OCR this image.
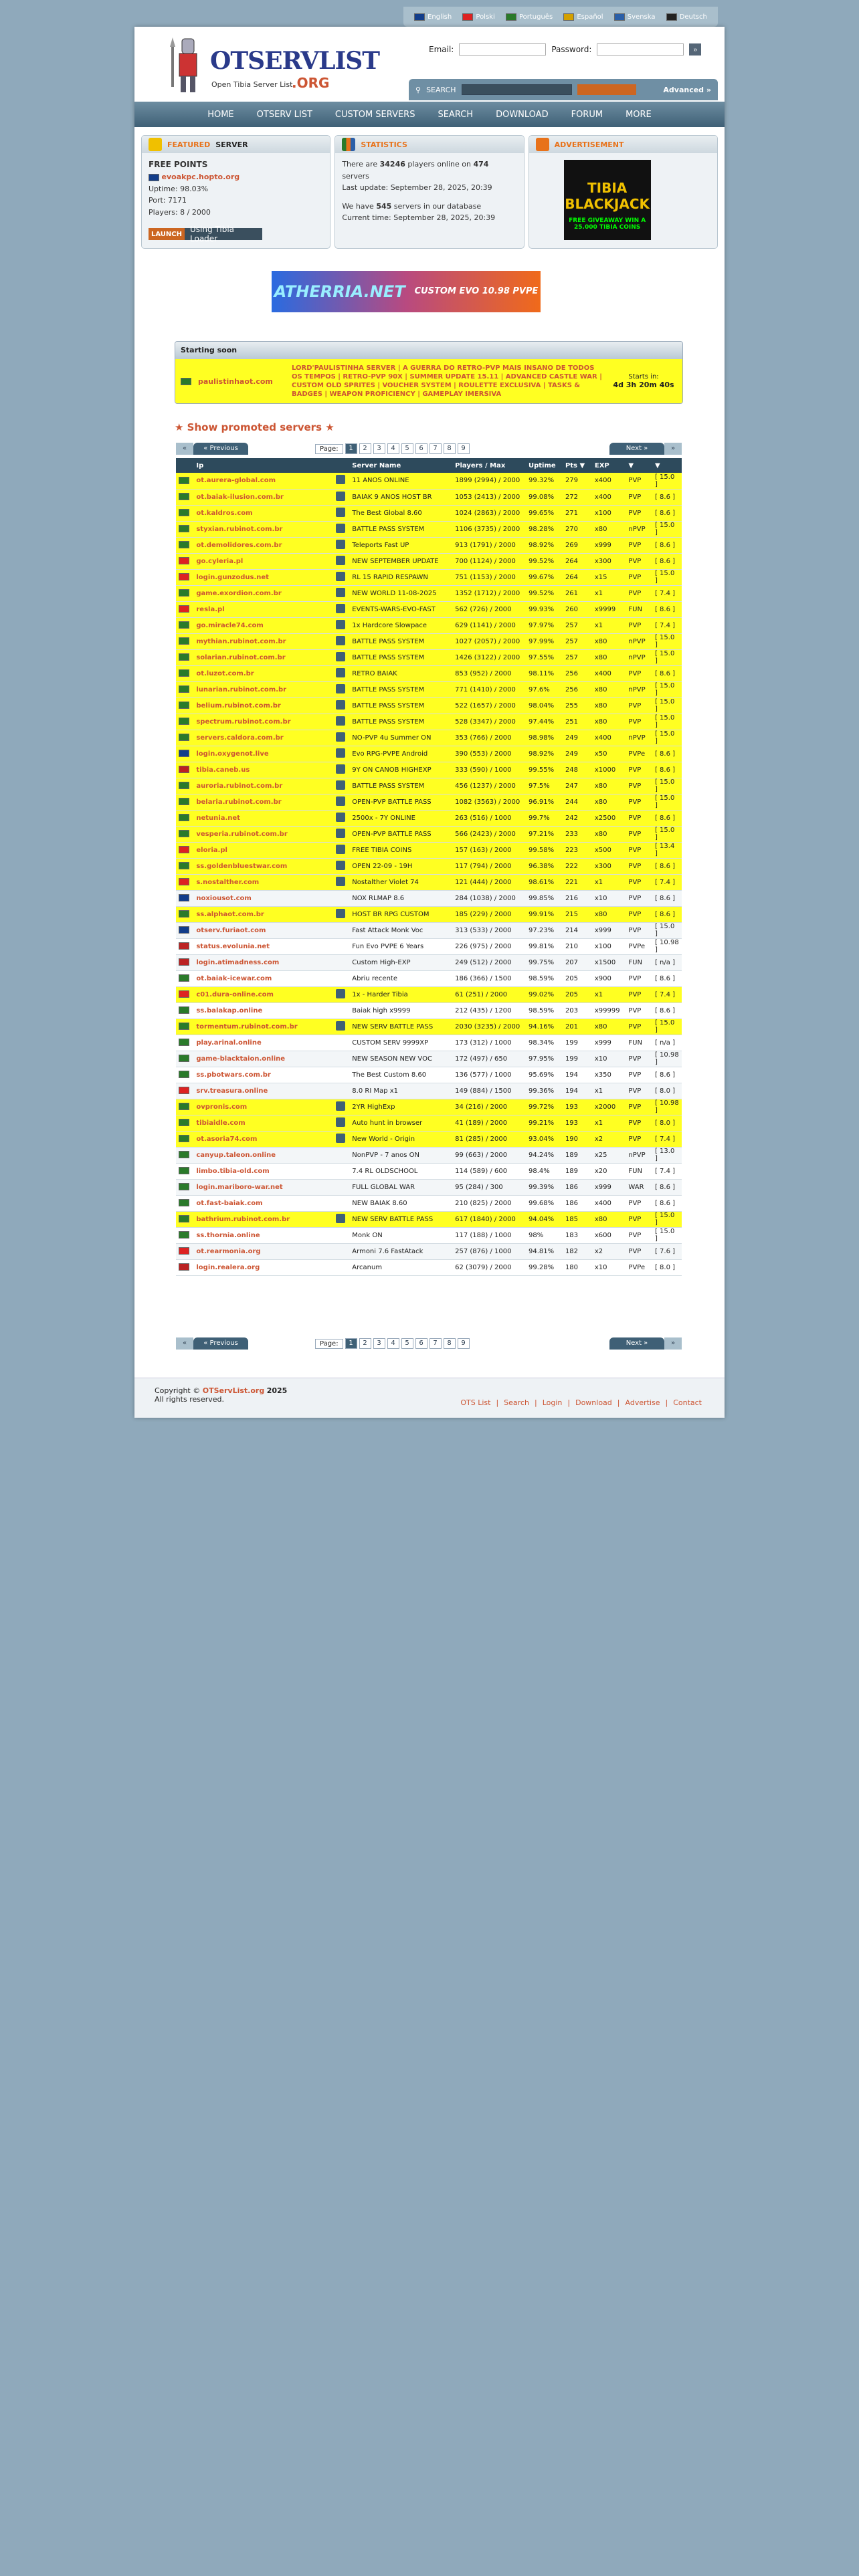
English	Polski	Português	Español	Svenska	Deutsch
OTSERVLIST
.ORG
Open Tibia Server List
Email:	Password:	»
⚲ SEARCH	Advanced »
HOME	OTSERV LIST	CUSTOM SERVERS	SEARCH	DOWNLOAD	FORUM	MORE
FEATURED SERVER
FREE POINTS
evoakpc.hopto.org
Uptime: 98.03%
Port: 7171
Players: 8 / 2000
LAUNCH	Using Tibia Loader
STATISTICS
There are 34246 players online on 474 servers
Last update: September 28, 2025, 20:39
We have 545 servers in our database
Current time: September 28, 2025, 20:39
ADVERTISEMENT
TIBIA
BLACKJACK
FREE GIVEAWAY WIN A 25.000 TIBIA COINS
ATHERRIA.NET CUSTOM EVO 10.98 PVPE
Starting soon
paulistinhaot.com
LORD'PAULISTINHA SERVER | A GUERRA DO RETRO-PVP MAIS INSANO DE TODOS OS TEMPOS | RETRO-PVP 90X | SUMMER UPDATE 15.11 | ADVANCED CASTLE WAR | CUSTOM OLD SPRITES | VOUCHER SYSTEM | ROULETTE EXCLUSIVA | TASKS & BADGES | WEAPON PROFICIENCY | GAMEPLAY IMERSIVA
Starts in:
4d 3h 20m 40s
★ Show promoted servers ★
«	« Previous	Page:	1	2	3	4	5	6	7	8	9	Next »	»
	Ip		Server Name	Players / Max	Uptime	Pts ▼	EXP	▼	▼
	ot.aurera-global.com		11 ANOS ONLINE	1899 (2994) / 2000	99.32%	279	x400	PVP	[ 15.0 ]
	ot.baiak-ilusion.com.br		BAIAK 9 ANOS HOST BR	1053 (2413) / 2000	99.08%	272	x400	PVP	[ 8.6 ]
	ot.kaldros.com		The Best Global 8.60	1024 (2863) / 2000	99.65%	271	x100	PVP	[ 8.6 ]
	styxian.rubinot.com.br		BATTLE PASS SYSTEM	1106 (3735) / 2000	98.28%	270	x80	nPVP	[ 15.0 ]
	ot.demolidores.com.br		Teleports Fast UP	913 (1791) / 2000	98.92%	269	x999	PVP	[ 8.6 ]
	go.cyleria.pl		NEW SEPTEMBER UPDATE	700 (1124) / 2000	99.52%	264	x300	PVP	[ 8.6 ]
	login.gunzodus.net		RL 15 RAPID RESPAWN	751 (1153) / 2000	99.67%	264	x15	PVP	[ 15.0 ]
	game.exordion.com.br		NEW WORLD 11-08-2025	1352 (1712) / 2000	99.52%	261	x1	PVP	[ 7.4 ]
	resla.pl		EVENTS-WARS-EVO-FAST	562 (726) / 2000	99.93%	260	x9999	FUN	[ 8.6 ]
	go.miracle74.com		1x Hardcore Slowpace	629 (1141) / 2000	97.97%	257	x1	PVP	[ 7.4 ]
	mythian.rubinot.com.br		BATTLE PASS SYSTEM	1027 (2057) / 2000	97.99%	257	x80	nPVP	[ 15.0 ]
	solarian.rubinot.com.br		BATTLE PASS SYSTEM	1426 (3122) / 2000	97.55%	257	x80	nPVP	[ 15.0 ]
	ot.luzot.com.br		RETRO BAIAK	853 (952) / 2000	98.11%	256	x400	PVP	[ 8.6 ]
	lunarian.rubinot.com.br		BATTLE PASS SYSTEM	771 (1410) / 2000	97.6%	256	x80	nPVP	[ 15.0 ]
	belium.rubinot.com.br		BATTLE PASS SYSTEM	522 (1657) / 2000	98.04%	255	x80	PVP	[ 15.0 ]
	spectrum.rubinot.com.br		BATTLE PASS SYSTEM	528 (3347) / 2000	97.44%	251	x80	PVP	[ 15.0 ]
	servers.caldora.com.br		NO-PVP 4u Summer ON	353 (766) / 2000	98.98%	249	x400	nPVP	[ 15.0 ]
	login.oxygenot.live		Evo RPG-PVPE Android	390 (553) / 2000	98.92%	249	x50	PVPe	[ 8.6 ]
	tibia.caneb.us		9Y ON CANOB HIGHEXP	333 (590) / 1000	99.55%	248	x1000	PVP	[ 8.6 ]
	auroria.rubinot.com.br		BATTLE PASS SYSTEM	456 (1237) / 2000	97.5%	247	x80	PVP	[ 15.0 ]
	belaria.rubinot.com.br		OPEN-PVP BATTLE PASS	1082 (3563) / 2000	96.91%	244	x80	PVP	[ 15.0 ]
	netunia.net		2500x - 7Y ONLINE	263 (516) / 1000	99.7%	242	x2500	PVP	[ 8.6 ]
	vesperia.rubinot.com.br		OPEN-PVP BATTLE PASS	566 (2423) / 2000	97.21%	233	x80	PVP	[ 15.0 ]
	eloria.pl		FREE TIBIA COINS	157 (163) / 2000	99.58%	223	x500	PVP	[ 13.4 ]
	ss.goldenbluestwar.com		OPEN 22-09 - 19H	117 (794) / 2000	96.38%	222	x300	PVP	[ 8.6 ]
	s.nostalther.com		Nostalther Violet 74	121 (444) / 2000	98.61%	221	x1	PVP	[ 7.4 ]
	noxiousot.com		NOX RLMAP 8.6	284 (1038) / 2000	99.85%	216	x10	PVP	[ 8.6 ]
	ss.alphaot.com.br		HOST BR RPG CUSTOM	185 (229) / 2000	99.91%	215	x80	PVP	[ 8.6 ]
	otserv.furiaot.com		Fast Attack Monk Voc	313 (533) / 2000	97.23%	214	x999	PVP	[ 15.0 ]
	status.evolunia.net		Fun Evo PVPE 6 Years	226 (975) / 2000	99.81%	210	x100	PVPe	[ 10.98 ]
	login.atimadness.com		Custom High-EXP	249 (512) / 2000	99.75%	207	x1500	FUN	[ n/a ]
	ot.baiak-icewar.com		Abriu recente	186 (366) / 1500	98.59%	205	x900	PVP	[ 8.6 ]
	c01.dura-online.com		1x - Harder Tibia	61 (251) / 2000	99.02%	205	x1	PVP	[ 7.4 ]
	ss.balakap.online		Baiak high x9999	212 (435) / 1200	98.59%	203	x99999	PVP	[ 8.6 ]
	tormentum.rubinot.com.br		NEW SERV BATTLE PASS	2030 (3235) / 2000	94.16%	201	x80	PVP	[ 15.0 ]
	play.arinal.online		CUSTOM SERV 9999XP	173 (312) / 1000	98.34%	199	x999	FUN	[ n/a ]
	game-blacktaion.online		NEW SEASON NEW VOC	172 (497) / 650	97.95%	199	x10	PVP	[ 10.98 ]
	ss.pbotwars.com.br		The Best Custom 8.60	136 (577) / 1000	95.69%	194	x350	PVP	[ 8.6 ]
	srv.treasura.online		8.0 RI Map x1	149 (884) / 1500	99.36%	194	x1	PVP	[ 8.0 ]
	ovpronis.com		2YR HighExp	34 (216) / 2000	99.72%	193	x2000	PVP	[ 10.98 ]
	tibiaidle.com		Auto hunt in browser	41 (189) / 2000	99.21%	193	x1	PVP	[ 8.0 ]
	ot.asoria74.com		New World - Origin	81 (285) / 2000	93.04%	190	x2	PVP	[ 7.4 ]
	canyup.taleon.online		NonPVP - 7 anos ON	99 (663) / 2000	94.24%	189	x25	nPVP	[ 13.0 ]
	limbo.tibia-old.com		7.4 RL OLDSCHOOL	114 (589) / 600	98.4%	189	x20	FUN	[ 7.4 ]
	login.mariboro-war.net		FULL GLOBAL WAR	95 (284) / 300	99.39%	186	x999	WAR	[ 8.6 ]
	ot.fast-baiak.com		NEW BAIAK 8.60	210 (825) / 2000	99.68%	186	x400	PVP	[ 8.6 ]
	bathrium.rubinot.com.br		NEW SERV BATTLE PASS	617 (1840) / 2000	94.04%	185	x80	PVP	[ 15.0 ]
	ss.thornia.online		Monk ON	117 (188) / 1000	98%	183	x600	PVP	[ 15.0 ]
	ot.rearmonia.org		Armoni 7.6 FastAtack	257 (876) / 1000	94.81%	182	x2	PVP	[ 7.6 ]
	login.realera.org		Arcanum	62 (3079) / 2000	99.28%	180	x10	PVPe	[ 8.0 ]
«	« Previous	Page:	1	2	3	4	5	6	7	8	9	Next »	»
Copyright © OTServList.org 2025
All rights reserved.	OTS List | Search | Login | Download | Advertise | Contact
